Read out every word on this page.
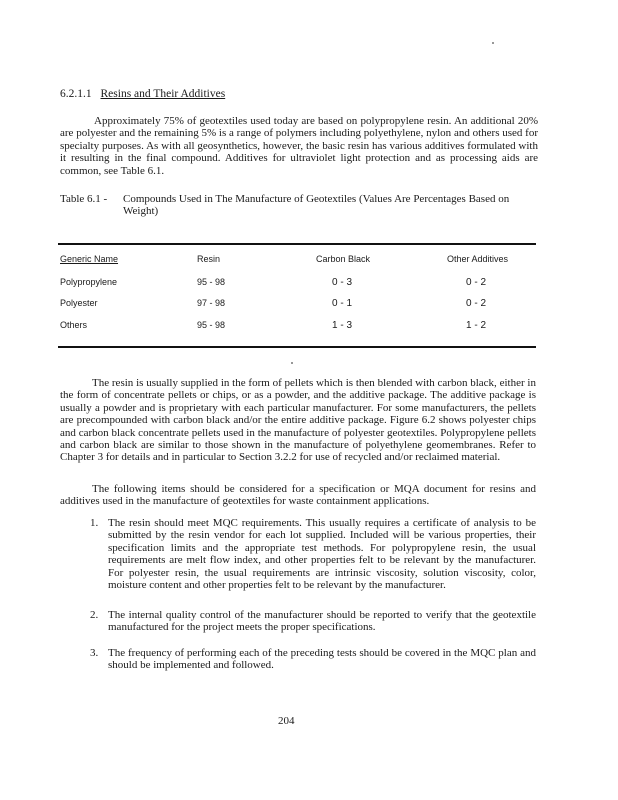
6.2.1.1 Resins and Their Additives
Approximately 75% of geotextiles used today are based on polypropylene resin. An additional 20% are polyester and the remaining 5% is a range of polymers including polyethylene, nylon and others used for specialty purposes. As with all geosynthetics, however, the basic resin has various additives formulated with it resulting in the final compound. Additives for ultraviolet light protection and as processing aids are common, see Table 6.1.
Table 6.1 - Compounds Used in The Manufacture of Geotextiles (Values Are Percentages Based on Weight)
Generic Name	Resin	Carbon Black	Other Additives
Polypropylene	95 - 98	0 - 3	0 - 2
Polyester	97 - 98	0 - 1	0 - 2
Others	95 - 98	1 - 3	1 - 2
The resin is usually supplied in the form of pellets which is then blended with carbon black, either in the form of concentrate pellets or chips, or as a powder, and the additive package. The additive package is usually a powder and is proprietary with each particular manufacturer. For some manufacturers, the pellets are precompounded with carbon black and/or the entire additive package. Figure 6.2 shows polyester chips and carbon black concentrate pellets used in the manufacture of polyester geotextiles. Polypropylene pellets and carbon black are similar to those shown in the manufacture of polyethylene geomembranes. Refer to Chapter 3 for details and in particular to Section 3.2.2 for use of recycled and/or reclaimed material.
The following items should be considered for a specification or MQA document for resins and additives used in the manufacture of geotextiles for waste containment applications.
1. The resin should meet MQC requirements. This usually requires a certificate of analysis to be submitted by the resin vendor for each lot supplied. Included will be various properties, their specification limits and the appropriate test methods. For polypropylene resin, the usual requirements are melt flow index, and other properties felt to be relevant by the manufacturer. For polyester resin, the usual requirements are intrinsic viscosity, solution viscosity, color, moisture content and other properties felt to be relevant by the manufacturer.
2. The internal quality control of the manufacturer should be reported to verify that the geotextile manufactured for the project meets the proper specifications.
3. The frequency of performing each of the preceding tests should be covered in the MQC plan and should be implemented and followed.
204
